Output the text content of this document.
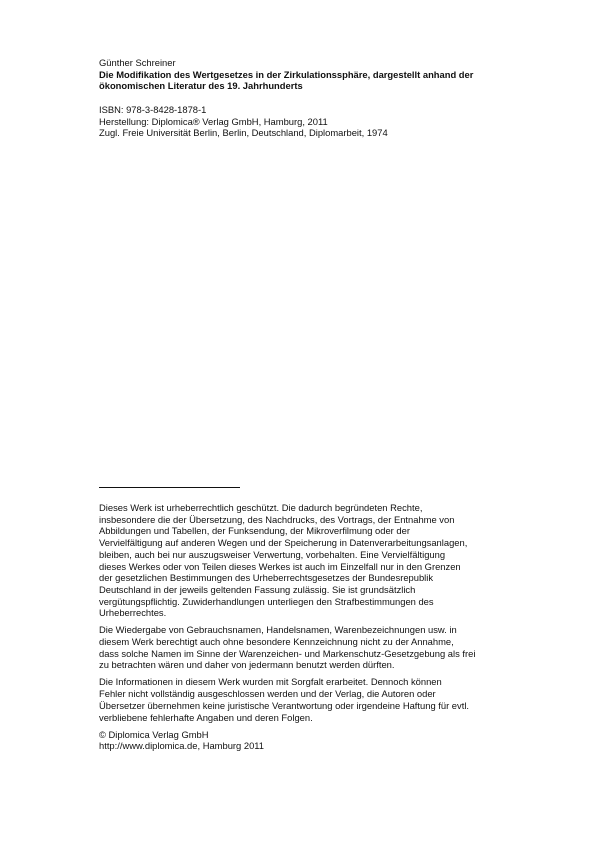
Günther Schreiner
Die Modifikation des Wertgesetzes in der Zirkulationssphäre, dargestellt anhand der
ökonomischen Literatur des 19. Jahrhunderts
ISBN: 978-3-8428-1878-1
Herstellung: Diplomica® Verlag GmbH, Hamburg, 2011
Zugl. Freie Universität Berlin, Berlin, Deutschland, Diplomarbeit, 1974

Dieses Werk ist urheberrechtlich geschützt. Die dadurch begründeten Rechte,
insbesondere die der Übersetzung, des Nachdrucks, des Vortrags, der Entnahme von
Abbildungen und Tabellen, der Funksendung, der Mikroverfilmung oder der
Vervielfältigung auf anderen Wegen und der Speicherung in Datenverarbeitungsanlagen,
bleiben, auch bei nur auszugsweiser Verwertung, vorbehalten. Eine Vervielfältigung
dieses Werkes oder von Teilen dieses Werkes ist auch im Einzelfall nur in den Grenzen
der gesetzlichen Bestimmungen des Urheberrechtsgesetzes der Bundesrepublik
Deutschland in der jeweils geltenden Fassung zulässig. Sie ist grundsätzlich
vergütungspflichtig. Zuwiderhandlungen unterliegen den Strafbestimmungen des
Urheberrechtes.

Die Wiedergabe von Gebrauchsnamen, Handelsnamen, Warenbezeichnungen usw. in
diesem Werk berechtigt auch ohne besondere Kennzeichnung nicht zu der Annahme,
dass solche Namen im Sinne der Warenzeichen- und Markenschutz-Gesetzgebung als frei
zu betrachten wären und daher von jedermann benutzt werden dürften.

Die Informationen in diesem Werk wurden mit Sorgfalt erarbeitet. Dennoch können
Fehler nicht vollständig ausgeschlossen werden und der Verlag, die Autoren oder
Übersetzer übernehmen keine juristische Verantwortung oder irgendeine Haftung für evtl.
verbliebene fehlerhafte Angaben und deren Folgen.

© Diplomica Verlag GmbH
http://www.diplomica.de, Hamburg 2011
